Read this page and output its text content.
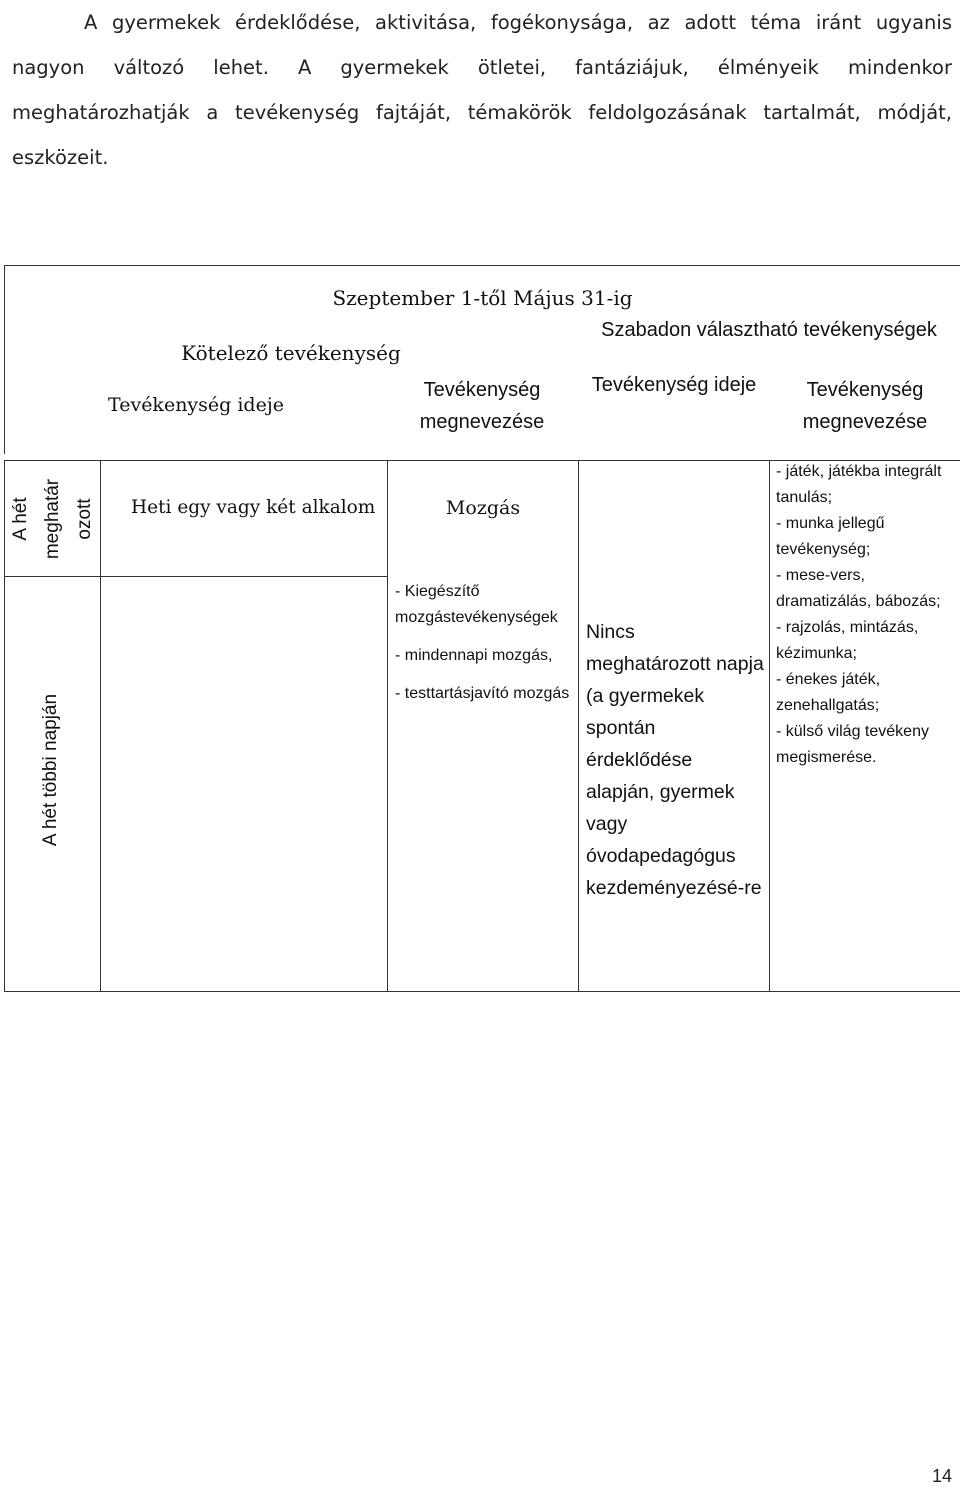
A gyermekek érdeklődése, aktivitása, fogékonysága, az adott téma iránt ugyanis nagyon változó lehet. A gyermekek ötletei, fantáziájuk, élményeik mindenkor meghatározhatják a tevékenység fajtáját, témakörök feldolgozásának tartalmát, módját, eszközeit.

Szeptember 1-től Május 31-ig
Kötelező tevékenység
Szabadon választható tevékenységek
Tevékenység ideje
Tevékenység megnevezése
Tevékenység ideje	Tevékenység megnevezése
A hét meghatár ozott
A hét többi napján
Heti egy vagy két alkalom	Mozgás
- Kiegészítő mozgástevékenységek
- mindennapi mozgás,
- testtartásjavító mozgás
Nincs meghatározott napja (a gyermekek spontán érdeklődése alapján, gyermek vagy óvodapedagógus kezdeményezésé-re
- játék, játékba integrált tanulás;
- munka jellegű tevékenység;
- mese-vers, dramatizálás, bábozás;
- rajzolás, mintázás, kézimunka;
- énekes játék, zenehallgatás;
- külső világ tevékeny megismerése.
14
